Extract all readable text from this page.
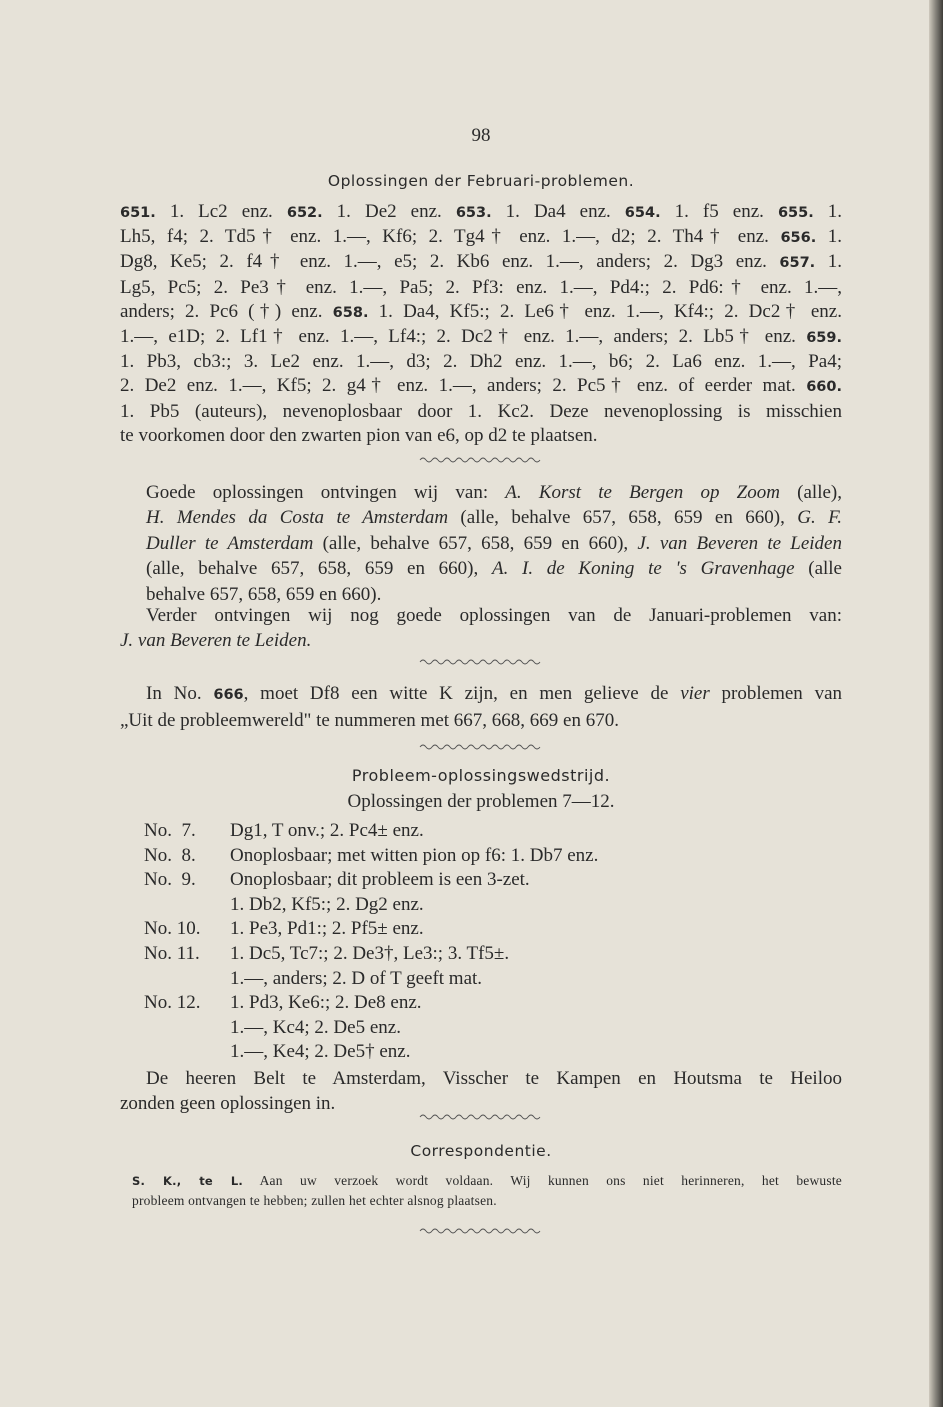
98
Oplossingen der Februari-problemen.
651. 1. Lc2 enz. 652. 1. De2 enz. 653. 1. Da4 enz. 654. 1. f5 enz. 655. 1.
Lh5, f4; 2. Td5† enz. 1.—, Kf6; 2. Tg4† enz. 1.—, d2; 2. Th4† enz. 656. 1.
Dg8, Ke5; 2. f4† enz. 1.—, e5; 2. Kb6 enz. 1.—, anders; 2. Dg3 enz. 657. 1.
Lg5, Pc5; 2. Pe3† enz. 1.—, Pa5; 2. Pf3: enz. 1.—, Pd4:; 2. Pd6:† enz. 1.—,
anders; 2. Pc6 (†) enz. 658. 1. Da4, Kf5:; 2. Le6† enz. 1.—, Kf4:; 2. Dc2† enz.
1.—, e1D; 2. Lf1† enz. 1.—, Lf4:; 2. Dc2† enz. 1.—, anders; 2. Lb5† enz. 659.
1. Pb3, cb3:; 3. Le2 enz. 1.—, d3; 2. Dh2 enz. 1.—, b6; 2. La6 enz. 1.—, Pa4;
2. De2 enz. 1.—, Kf5; 2. g4† enz. 1.—, anders; 2. Pc5† enz. of eerder mat. 660.
1. Pb5 (auteurs), nevenoplosbaar door 1. Kc2. Deze nevenoplossing is misschien
te voorkomen door den zwarten pion van e6, op d2 te plaatsen.
Goede oplossingen ontvingen wij van: A. Korst te Bergen op Zoom (alle),
H. Mendes da Costa te Amsterdam (alle, behalve 657, 658, 659 en 660), G. F.
Duller te Amsterdam (alle, behalve 657, 658, 659 en 660), J. van Beveren te Leiden
(alle, behalve 657, 658, 659 en 660), A. I. de Koning te 's Gravenhage (alle
behalve 657, 658, 659 en 660).
Verder ontvingen wij nog goede oplossingen van de Januari-problemen van:
J. van Beveren te Leiden.
In No. 666, moet Df8 een witte K zijn, en men gelieve de vier problemen van
„Uit de probleemwereld" te nummeren met 667, 668, 669 en 670.
Probleem-oplossingswedstrijd.
Oplossingen der problemen 7—12.
No.  7.	Dg1, T onv.; 2. Pc4± enz.
No.  8.	Onoplosbaar; met witten pion op f6: 1. Db7 enz.
No.  9.	Onoplosbaar; dit probleem is een 3-zet.
1. Db2, Kf5:; 2. Dg2 enz.
No. 10. 1. Pe3, Pd1:; 2. Pf5± enz.
No. 11.	1. Dc5, Tc7:; 2. De3†, Le3:; 3. Tf5±.
1.—, anders; 2. D of T geeft mat.
No. 12. 1. Pd3, Ke6:; 2. De8 enz.
1.—, Kc4; 2. De5 enz.
1.—, Ke4; 2. De5† enz.
De heeren Belt te Amsterdam, Visscher te Kampen en Houtsma te Heiloo
zonden geen oplossingen in.
Correspondentie.
S. K., te L. Aan uw verzoek wordt voldaan. Wij kunnen ons niet herinneren, het bewuste
probleem ontvangen te hebben; zullen het echter alsnog plaatsen.
